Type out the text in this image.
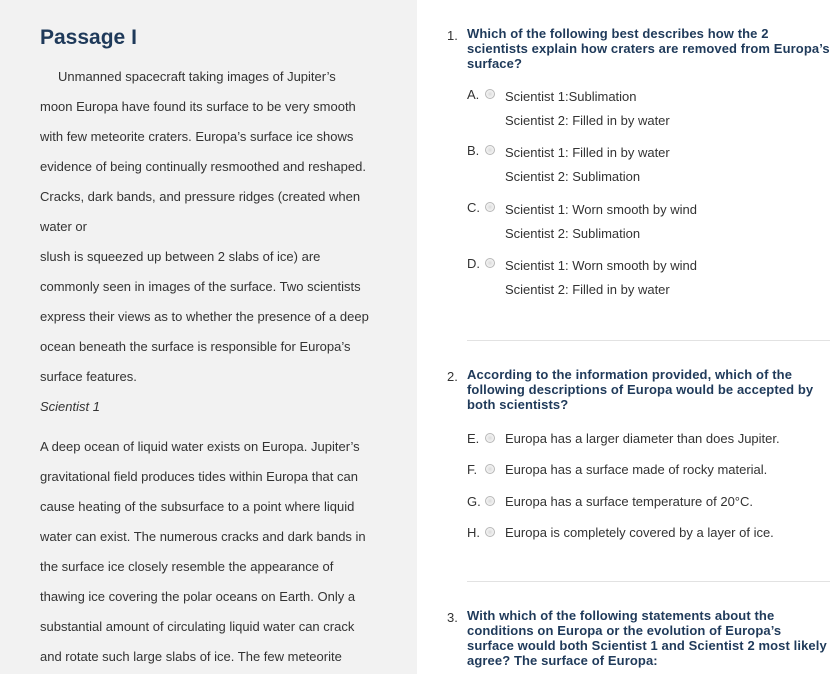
Passage I
Unmanned spacecraft taking images of Jupiter’s
moon Europa have found its surface to be very smooth
with few meteorite craters. Europa’s surface ice shows
evidence of being continually resmoothed and reshaped.
Cracks, dark bands, and pressure ridges (created when
water or
slush is squeezed up between 2 slabs of ice) are
commonly seen in images of the surface. Two scientists
express their views as to whether the presence of a deep
ocean beneath the surface is responsible for Europa’s
surface features.
Scientist 1
A deep ocean of liquid water exists on Europa. Jupiter’s
gravitational field produces tides within Europa that can
cause heating of the subsurface to a point where liquid
water can exist. The numerous cracks and dark bands in
the surface ice closely resemble the appearance of
thawing ice covering the polar oceans on Earth. Only a
substantial amount of circulating liquid water can crack
and rotate such large slabs of ice. The few meteorite
1. Which of the following best describes how the 2 scientists explain how craters are removed from Europa’s surface?
A. Scientist 1:Sublimation
Scientist 2: Filled in by water
B. Scientist 1: Filled in by water
Scientist 2: Sublimation
C. Scientist 1: Worn smooth by wind
Scientist 2: Sublimation
D. Scientist 1: Worn smooth by wind
Scientist 2: Filled in by water
2. According to the information provided, which of the following descriptions of Europa would be accepted by both scientists?
E. Europa has a larger diameter than does Jupiter.
F. Europa has a surface made of rocky material.
G. Europa has a surface temperature of 20°C.
H. Europa is completely covered by a layer of ice.
3. With which of the following statements about the conditions on Europa or the evolution of Europa’s surface would both Scientist 1 and Scientist 2 most likely agree? The surface of Europa:
